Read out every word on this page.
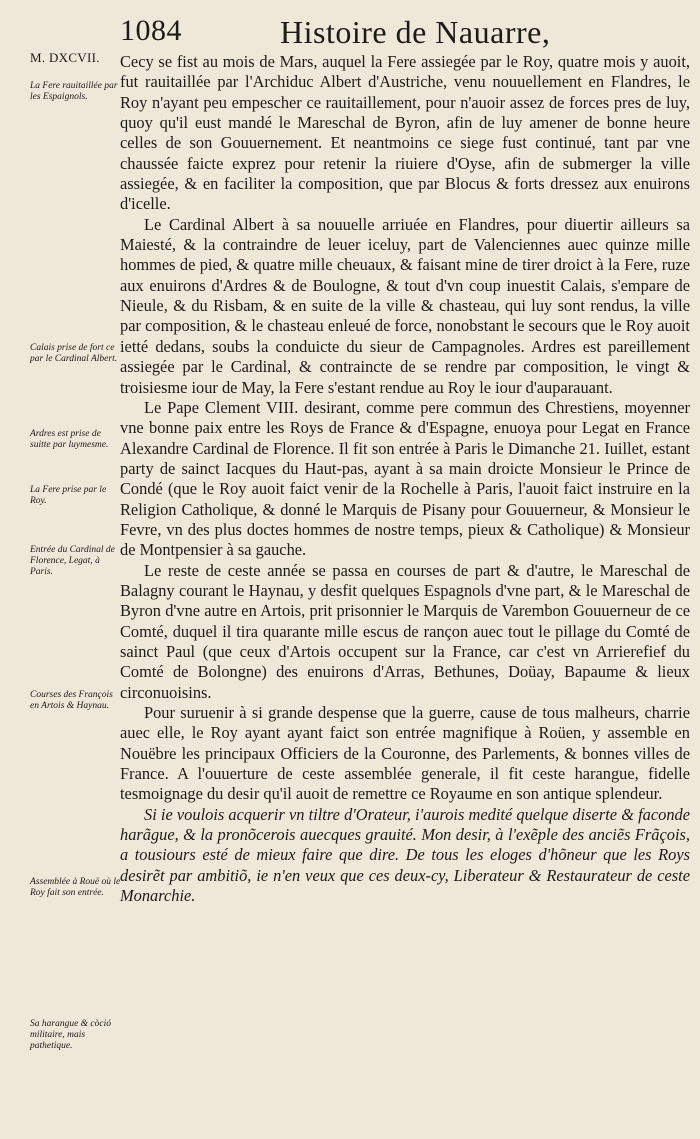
1084	Histoire de Nauarre,
M. DXCVII.
La Fere rauitaillée par les Espaignols.
Calais prise de fort ce par le Cardinal Albert.
Ardres est prise de suitte par luymesme.
La Fere prise par le Roy.
Entrée du Cardinal de Florence, Legat, à Paris.
Courses des François en Artois & Haynau.
Assemblée à Rouë où le Roy fait son entrée.
Sa harangue & còció militaire, mais pathetique.

Cecy se fist au mois de Mars, auquel la Fere assiegée par le Roy, quatre mois y auoit, fut rauitaillée par l'Archiduc Albert d'Austriche, venu nouuellement en Flandres, le Roy n'ayant peu empescher ce rauitaillement, pour n'auoir assez de forces pres de luy, quoy qu'il eust mandé le Mareschal de Byron, afin de luy amener de bonne heure celles de son Gouuernement. Et neantmoins ce siege fust continué, tant par vne chaussée faicte exprez pour retenir la riuiere d'Oyse, afin de submerger la ville assiegée, & en faciliter la composition, que par Blocus & forts dressez aux enuirons d'icelle.

Le Cardinal Albert à sa nouuelle arriuée en Flandres, pour diuertir ailleurs sa Maiesté, & la contraindre de leuer iceluy, part de Valenciennes auec quinze mille hommes de pied, & quatre mille cheuaux, & faisant mine de tirer droict à la Fere, ruze aux enuirons d'Ardres & de Boulogne, & tout d'vn coup inuestit Calais, s'empare de Nieule, & du Risbam, & en suite de la ville & chasteau, qui luy sont rendus, la ville par composition, & le chasteau enleué de force, nonobstant le secours que le Roy auoit ietté dedans, soubs la conduicte du sieur de Campagnoles. Ardres est pareillement assiegée par le Cardinal, & contraincte de se rendre par composition, le vingt & troisiesme iour de May, la Fere s'estant rendue au Roy le iour d'auparauant.

Le Pape Clement VIII. desirant, comme pere commun des Chrestiens, moyenner vne bonne paix entre les Roys de France & d'Espagne, enuoya pour Legat en France Alexandre Cardinal de Florence. Il fit son entrée à Paris le Dimanche 21. Iuillet, estant party de sainct Iacques du Haut-pas, ayant à sa main droicte Monsieur le Prince de Condé (que le Roy auoit faict venir de la Rochelle à Paris, l'auoit faict instruire en la Religion Catholique, & donné le Marquis de Pisany pour Gouuerneur, & Monsieur le Fevre, vn des plus doctes hommes de nostre temps, pieux & Catholique) & Monsieur de Montpensier à sa gauche.

Le reste de ceste année se passa en courses de part & d'autre, le Mareschal de Balagny courant le Haynau, y desfit quelques Espagnols d'vne part, & le Mareschal de Byron d'vne autre en Artois, prit prisonnier le Marquis de Varembon Gouuerneur de ce Comté, duquel il tira quarante mille escus de rançon auec tout le pillage du Comté de sainct Paul (que ceux d'Artois occupent sur la France, car c'est vn Arrierefief du Comté de Bolongne) des enuirons d'Arras, Bethunes, Doüay, Bapaume & lieux circonuoisins.

Pour suruenir à si grande despense que la guerre, cause de tous malheurs, charrie auec elle, le Roy ayant ayant faict son entrée magnifique à Roüen, y assemble en Nouëbre les principaux Officiers de la Couronne, des Parlements, & bonnes villes de France. A l'ouuerture de ceste assemblée generale, il fit ceste harangue, fidelle tesmoignage du desir qu'il auoit de remettre ce Royaume en son antique splendeur.

Si ie voulois acquerir vn tiltre d'Orateur, i'aurois medité quelque diserte & faconde harãgue, & la pronõcerois auecques grauité. Mon desir, à l'exẽple des anciẽs Frãçois, a tousiours esté de mieux faire que dire. De tous les eloges d'hõneur que les Roys desirẽt par ambitiõ, ie n'en veux que ces deux-cy, Liberateur & Restaurateur de ceste Monarchie.
